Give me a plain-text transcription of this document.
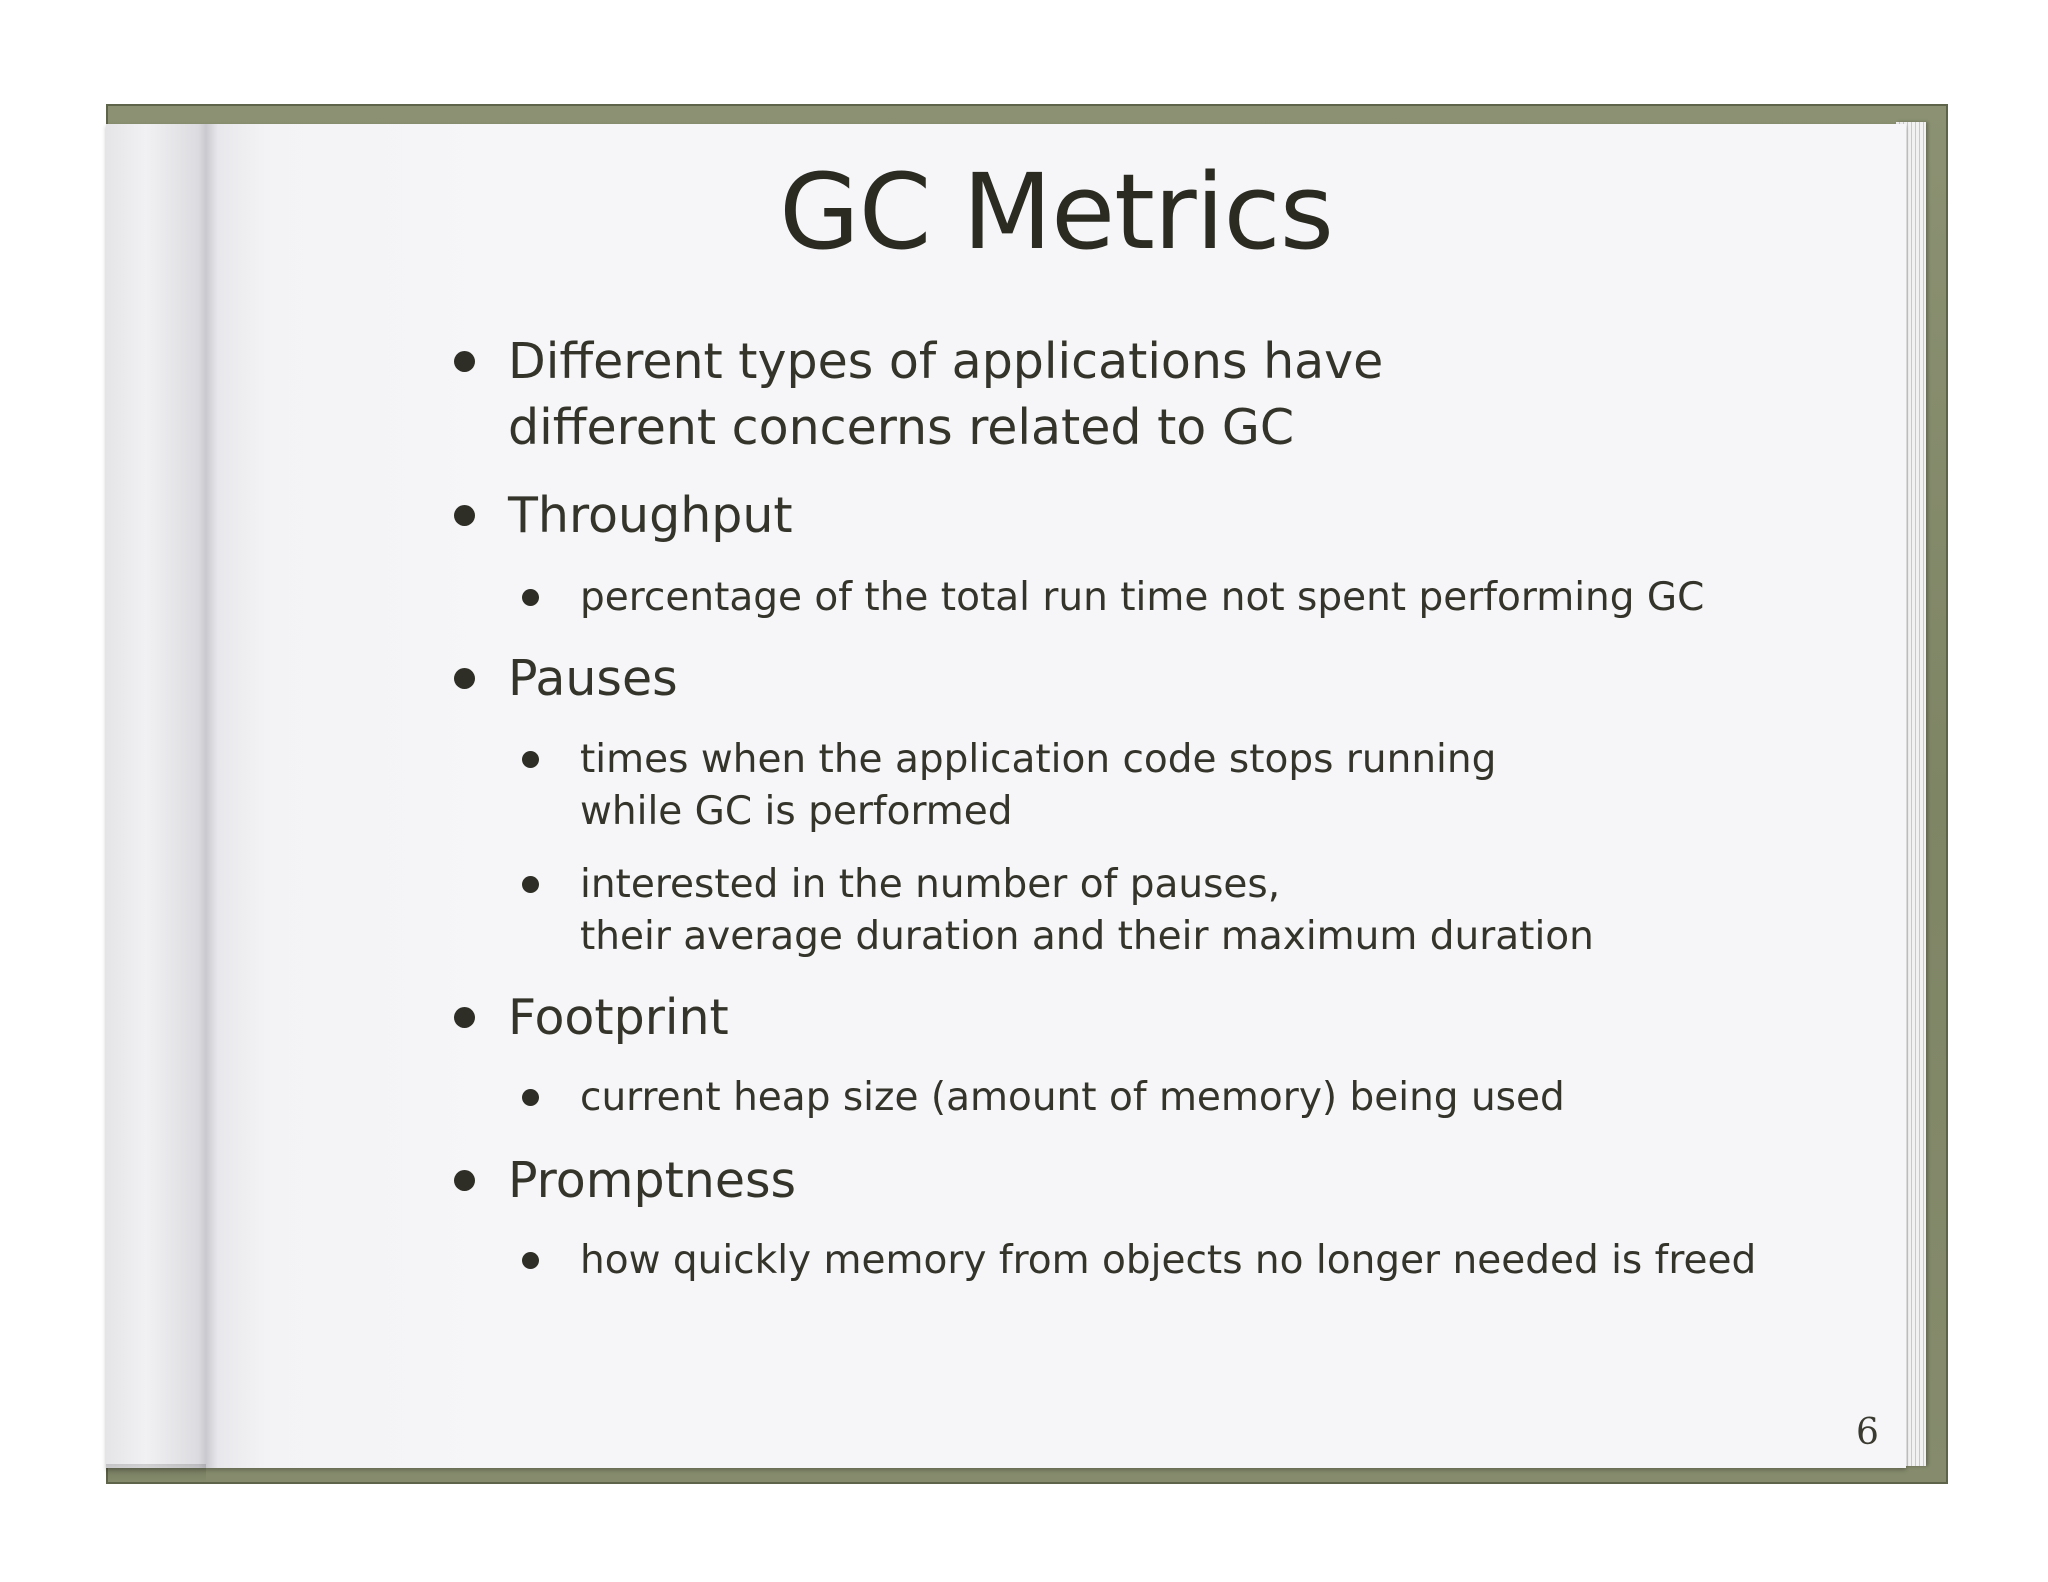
GC Metrics
Different types of applications have
different concerns related to GC
Throughput
percentage of the total run time not spent performing GC
Pauses
times when the application code stops running
while GC is performed
interested in the number of pauses,
their average duration and their maximum duration
Footprint
current heap size (amount of memory) being used
Promptness
how quickly memory from objects no longer needed is freed
6
